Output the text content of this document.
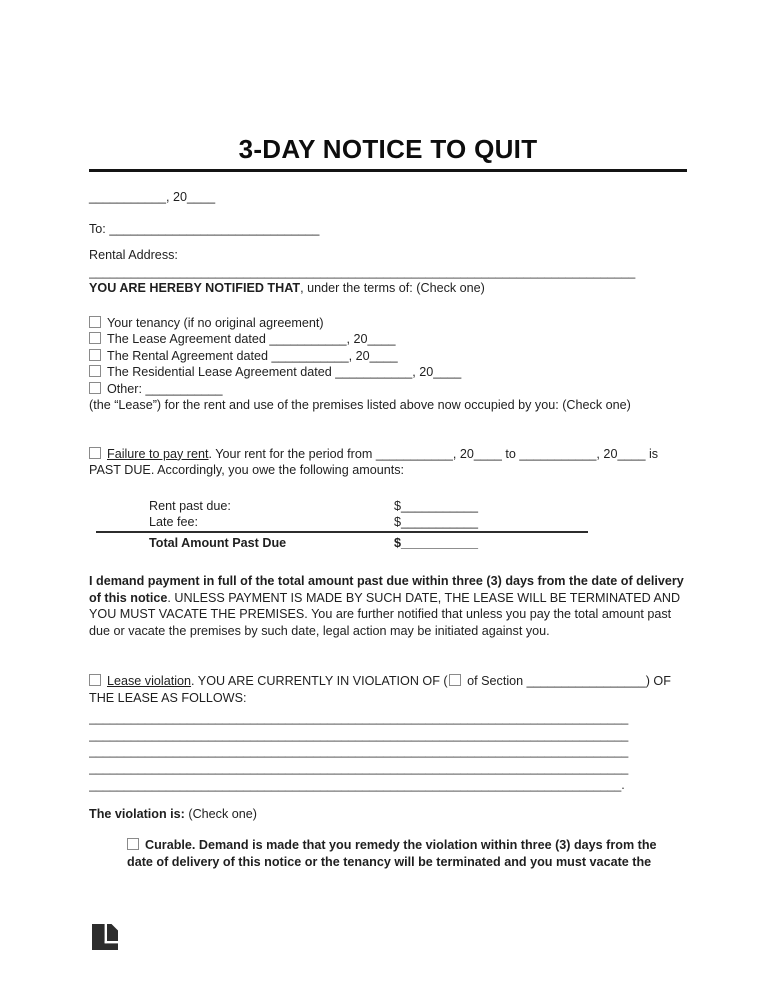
3-DAY NOTICE TO QUIT
___________, 20____
To: ______________________________
Rental Address:
______________________________________________________________________________

YOU ARE HEREBY NOTIFIED THAT, under the terms of: (Check one)

Your tenancy (if no original agreement)
The Lease Agreement dated ___________, 20____
The Rental Agreement dated ___________, 20____
The Residential Lease Agreement dated ___________, 20____
Other: ___________

(the “Lease”) for the rent and use of the premises listed above now occupied by you: (Check one)

Failure to pay rent. Your rent for the period from ___________, 20____ to ___________, 20____ is PAST DUE. Accordingly, you owe the following amounts:

Rent past due:	$___________
Late fee:	$___________
Total Amount Past Due	$___________

I demand payment in full of the total amount past due within three (3) days from the date of delivery of this notice. UNLESS PAYMENT IS MADE BY SUCH DATE, THE LEASE WILL BE TERMINATED AND YOU MUST VACATE THE PREMISES. You are further notified that unless you pay the total amount past due or vacate the premises by such date, legal action may be initiated against you.

Lease violation. YOU ARE CURRENTLY IN VIOLATION OF ( of Section _________________) OF THE LEASE AS FOLLOWS:

_____________________________________________________________________________
_____________________________________________________________________________
_____________________________________________________________________________
_____________________________________________________________________________
____________________________________________________________________________.

The violation is: (Check one)

Curable. Demand is made that you remedy the violation within three (3) days from the date of delivery of this notice or the tenancy will be terminated and you must vacate the
